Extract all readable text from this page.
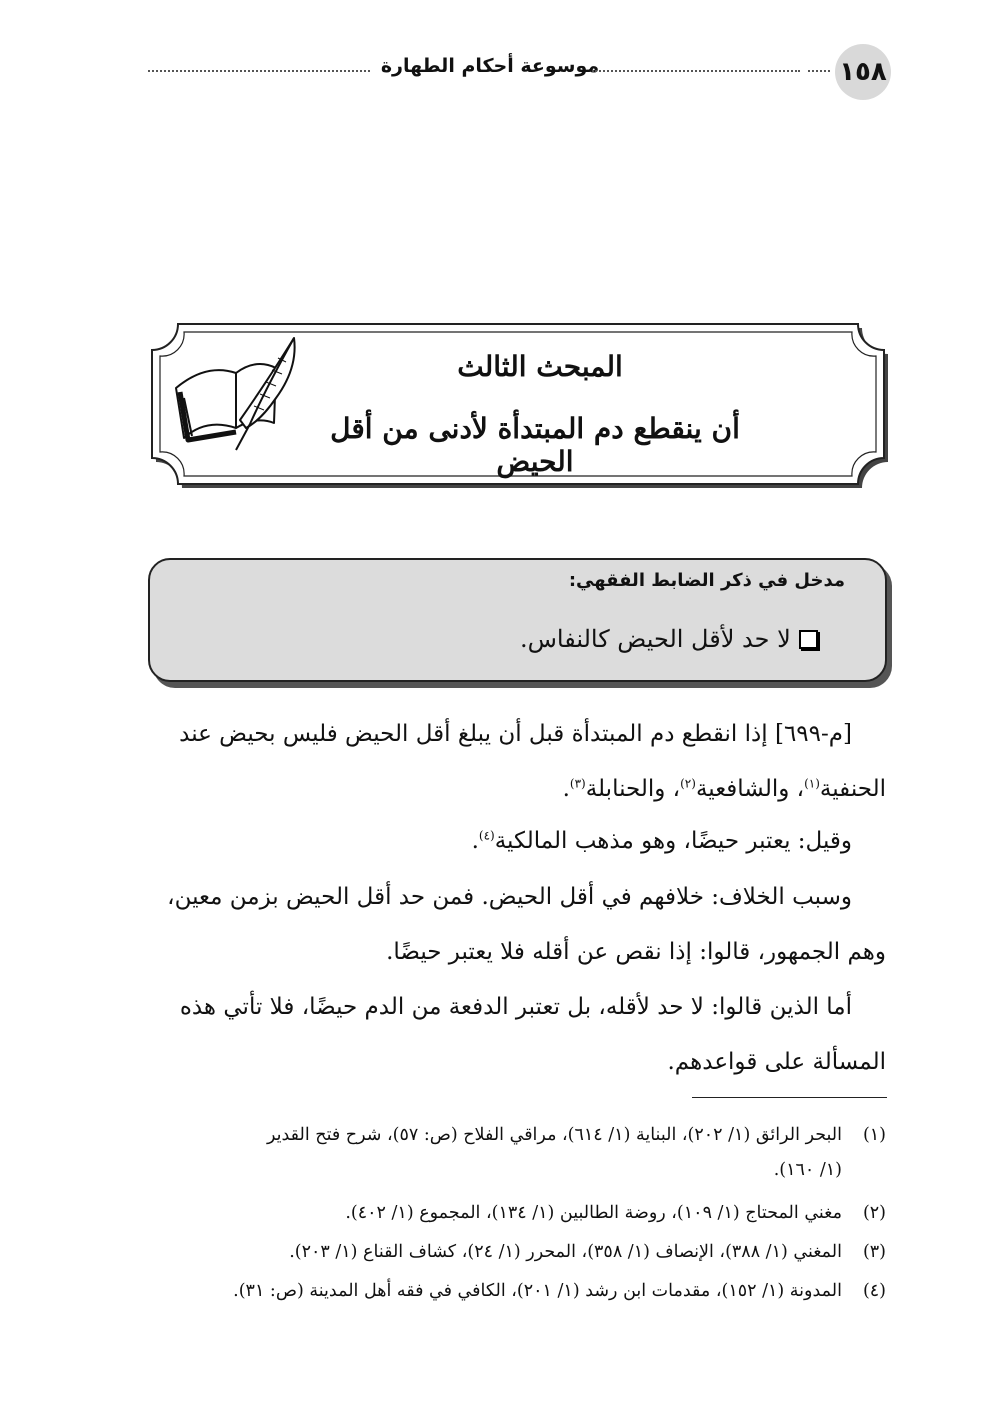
١٥٨
موسوعة أحكام الطهارة
المبحث الثالث
أن ينقطع دم المبتدأة لأدنى من أقل الحيض
مدخل في ذكر الضابط الفقهي:
لا حد لأقل الحيض كالنفاس.
[م-٦٩٩] إذا انقطع دم المبتدأة قبل أن يبلغ أقل الحيض فليس بحيض عند
الحنفية$^{(١)}$، والشافعية$^{(٢)}$، والحنابلة$^{(٣)}$.
وقيل: يعتبر حيضًا، وهو مذهب المالكية$^{(٤)}$.
وسبب الخلاف: خلافهم في أقل الحيض. فمن حد أقل الحيض بزمن معين،
وهم الجمهور، قالوا: إذا نقص عن أقله فلا يعتبر حيضًا.
أما الذين قالوا: لا حد لأقله، بل تعتبر الدفعة من الدم حيضًا، فلا تأتي هذه
المسألة على قواعدهم.
(١)البحر الرائق (١/ ٢٠٢)، البناية (١/ ٦١٤)، مراقي الفلاح (ص: ٥٧)، شرح فتح القدير
(١/ ١٦٠).
(٢)مغني المحتاج (١/ ١٠٩)، روضة الطالبين (١/ ١٣٤)، المجموع (١/ ٤٠٢).
(٣)المغني (١/ ٣٨٨)، الإنصاف (١/ ٣٥٨)، المحرر (١/ ٢٤)، كشاف القناع (١/ ٢٠٣).
(٤)المدونة (١/ ١٥٢)، مقدمات ابن رشد (١/ ٢٠١)، الكافي في فقه أهل المدينة (ص: ٣١).
